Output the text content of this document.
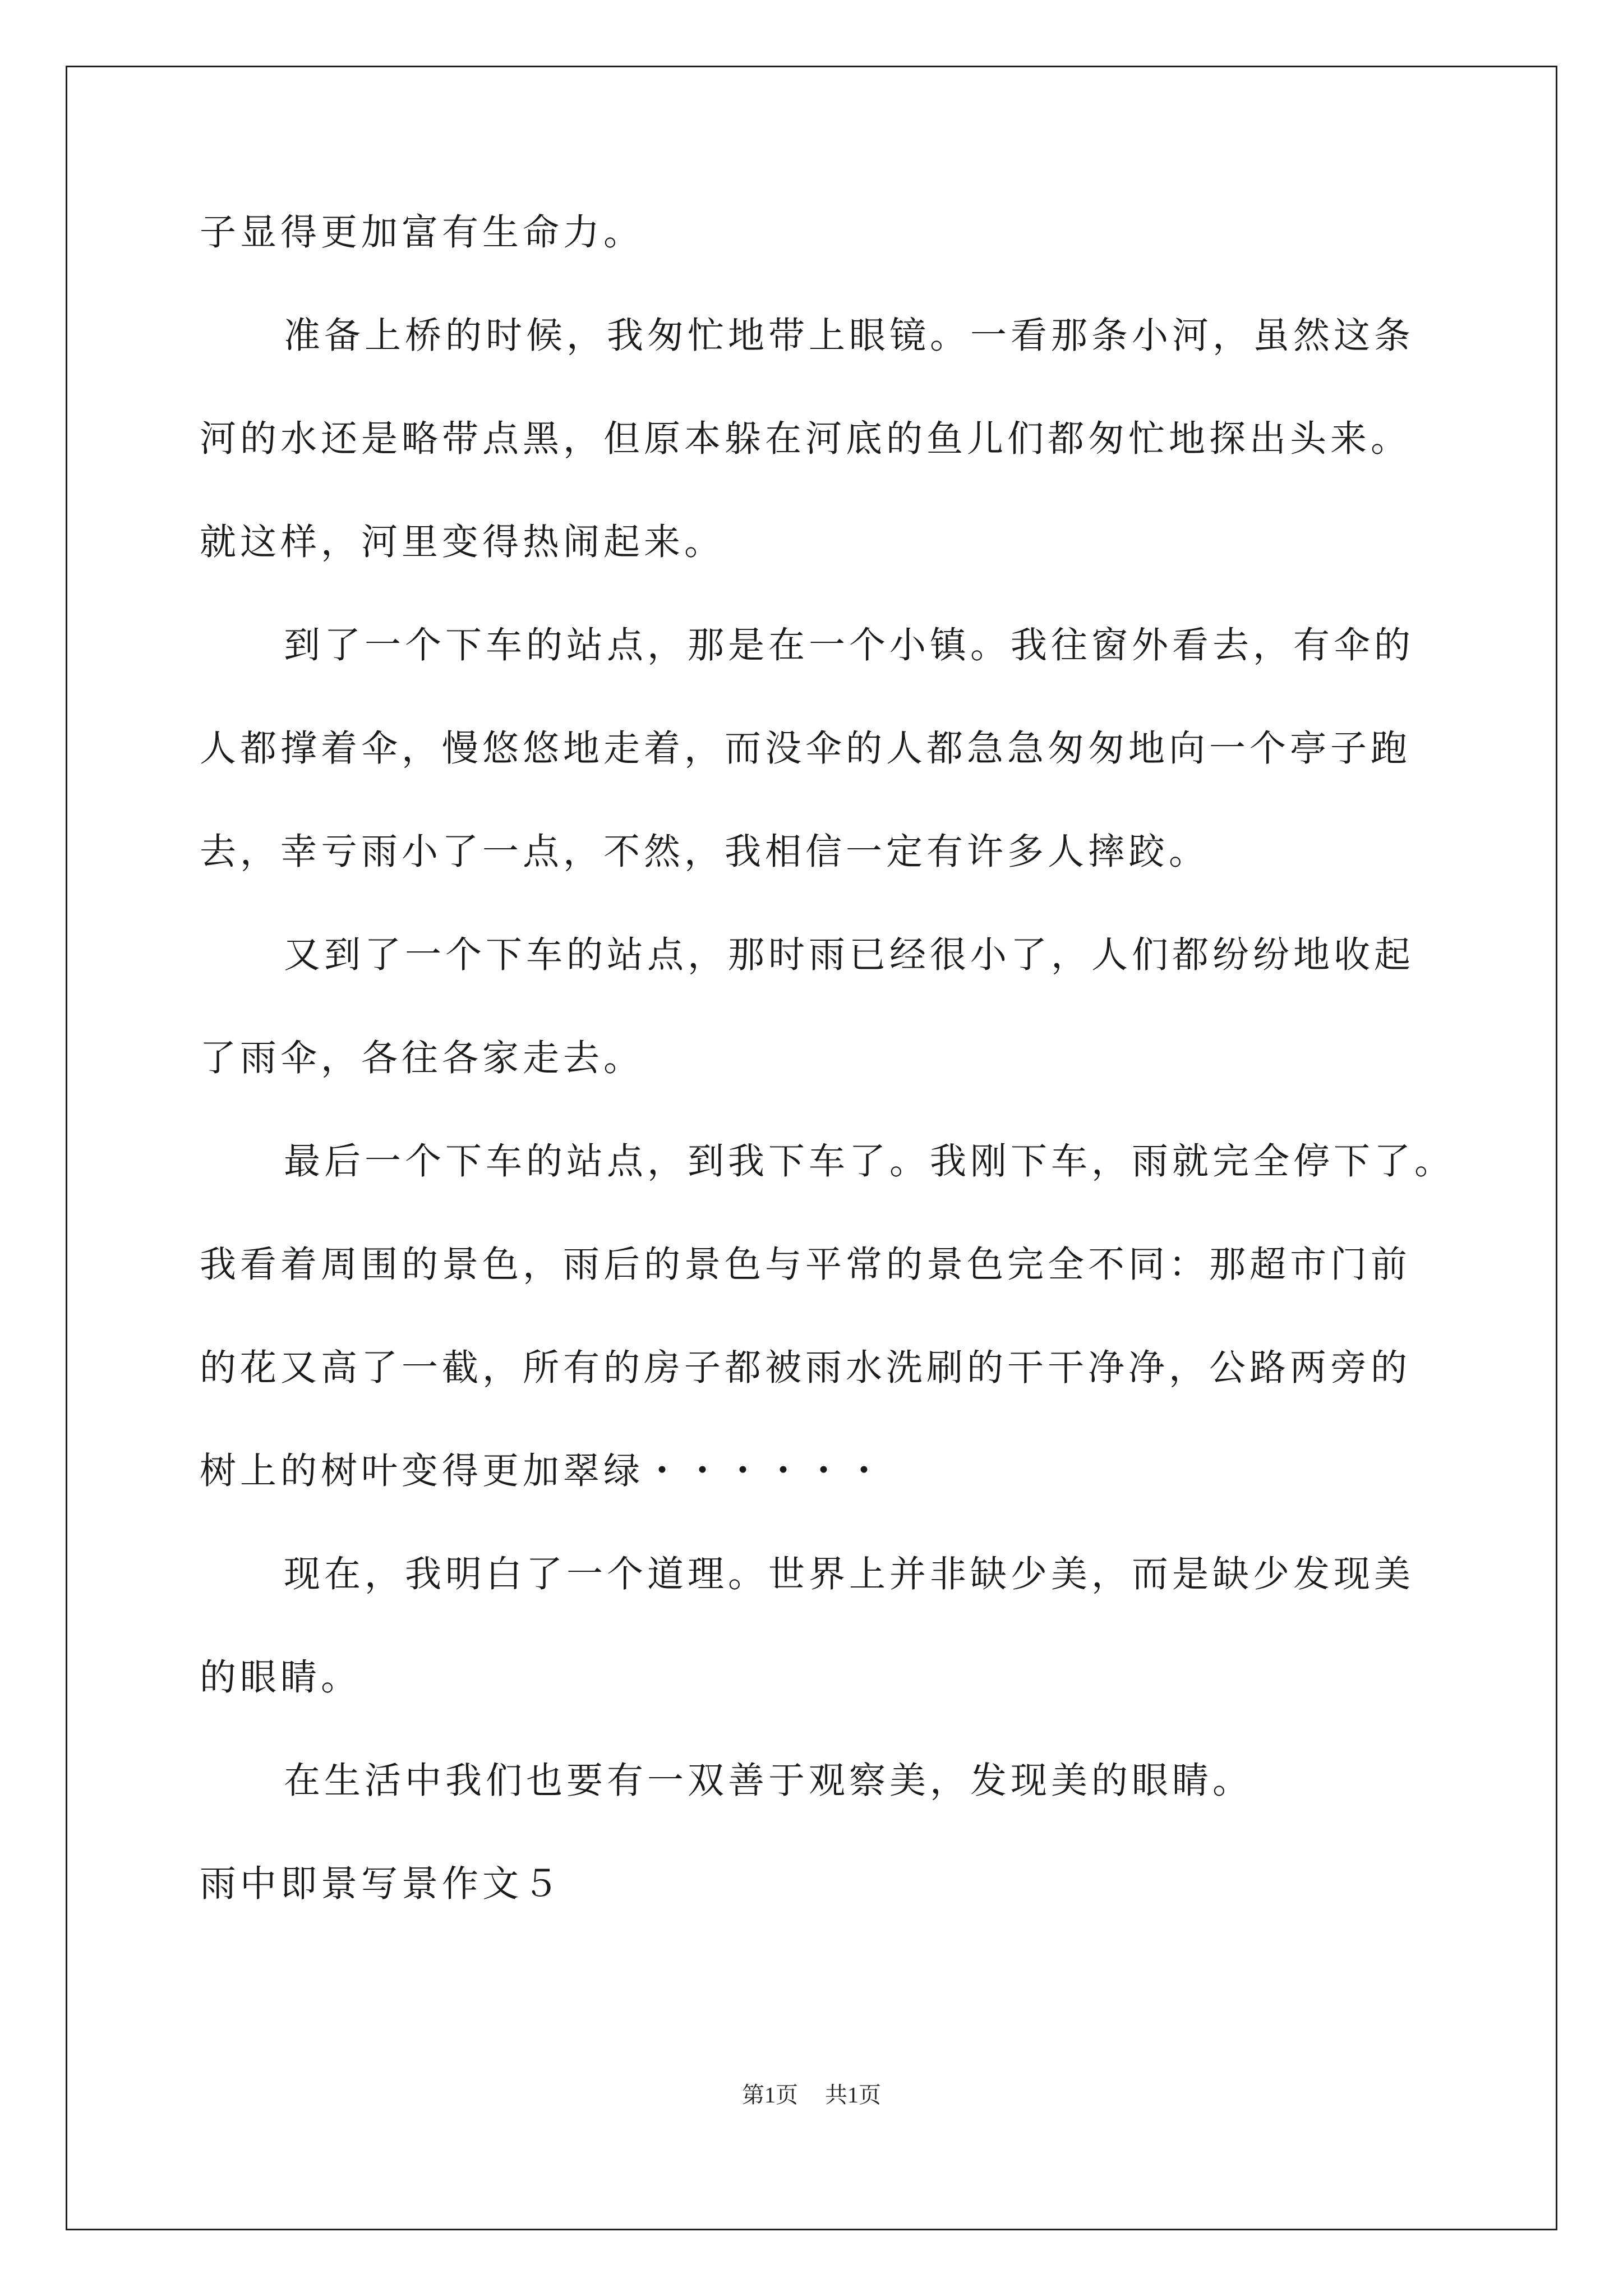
子显得更加富有生命力。
准备上桥的时候，我匆忙地带上眼镜。一看那条小河，虽然这条
河的水还是略带点黑，但原本躲在河底的鱼儿们都匆忙地探出头来。
就这样，河里变得热闹起来。
到了一个下车的站点，那是在一个小镇。我往窗外看去，有伞的
人都撑着伞，慢悠悠地走着，而没伞的人都急急匆匆地向一个亭子跑
去，幸亏雨小了一点，不然，我相信一定有许多人摔跤。
又到了一个下车的站点，那时雨已经很小了，人们都纷纷地收起
了雨伞，各往各家走去。
最后一个下车的站点，到我下车了。我刚下车，雨就完全停下了。
我看着周围的景色，雨后的景色与平常的景色完全不同：那超市门前
的花又高了一截，所有的房子都被雨水洗刷的干干净净，公路两旁的
树上的树叶变得更加翠绿・・・・・・
现在，我明白了一个道理。世界上并非缺少美，而是缺少发现美
的眼睛。
在生活中我们也要有一双善于观察美，发现美的眼睛。
雨中即景写景作文５
第1页 共1页
